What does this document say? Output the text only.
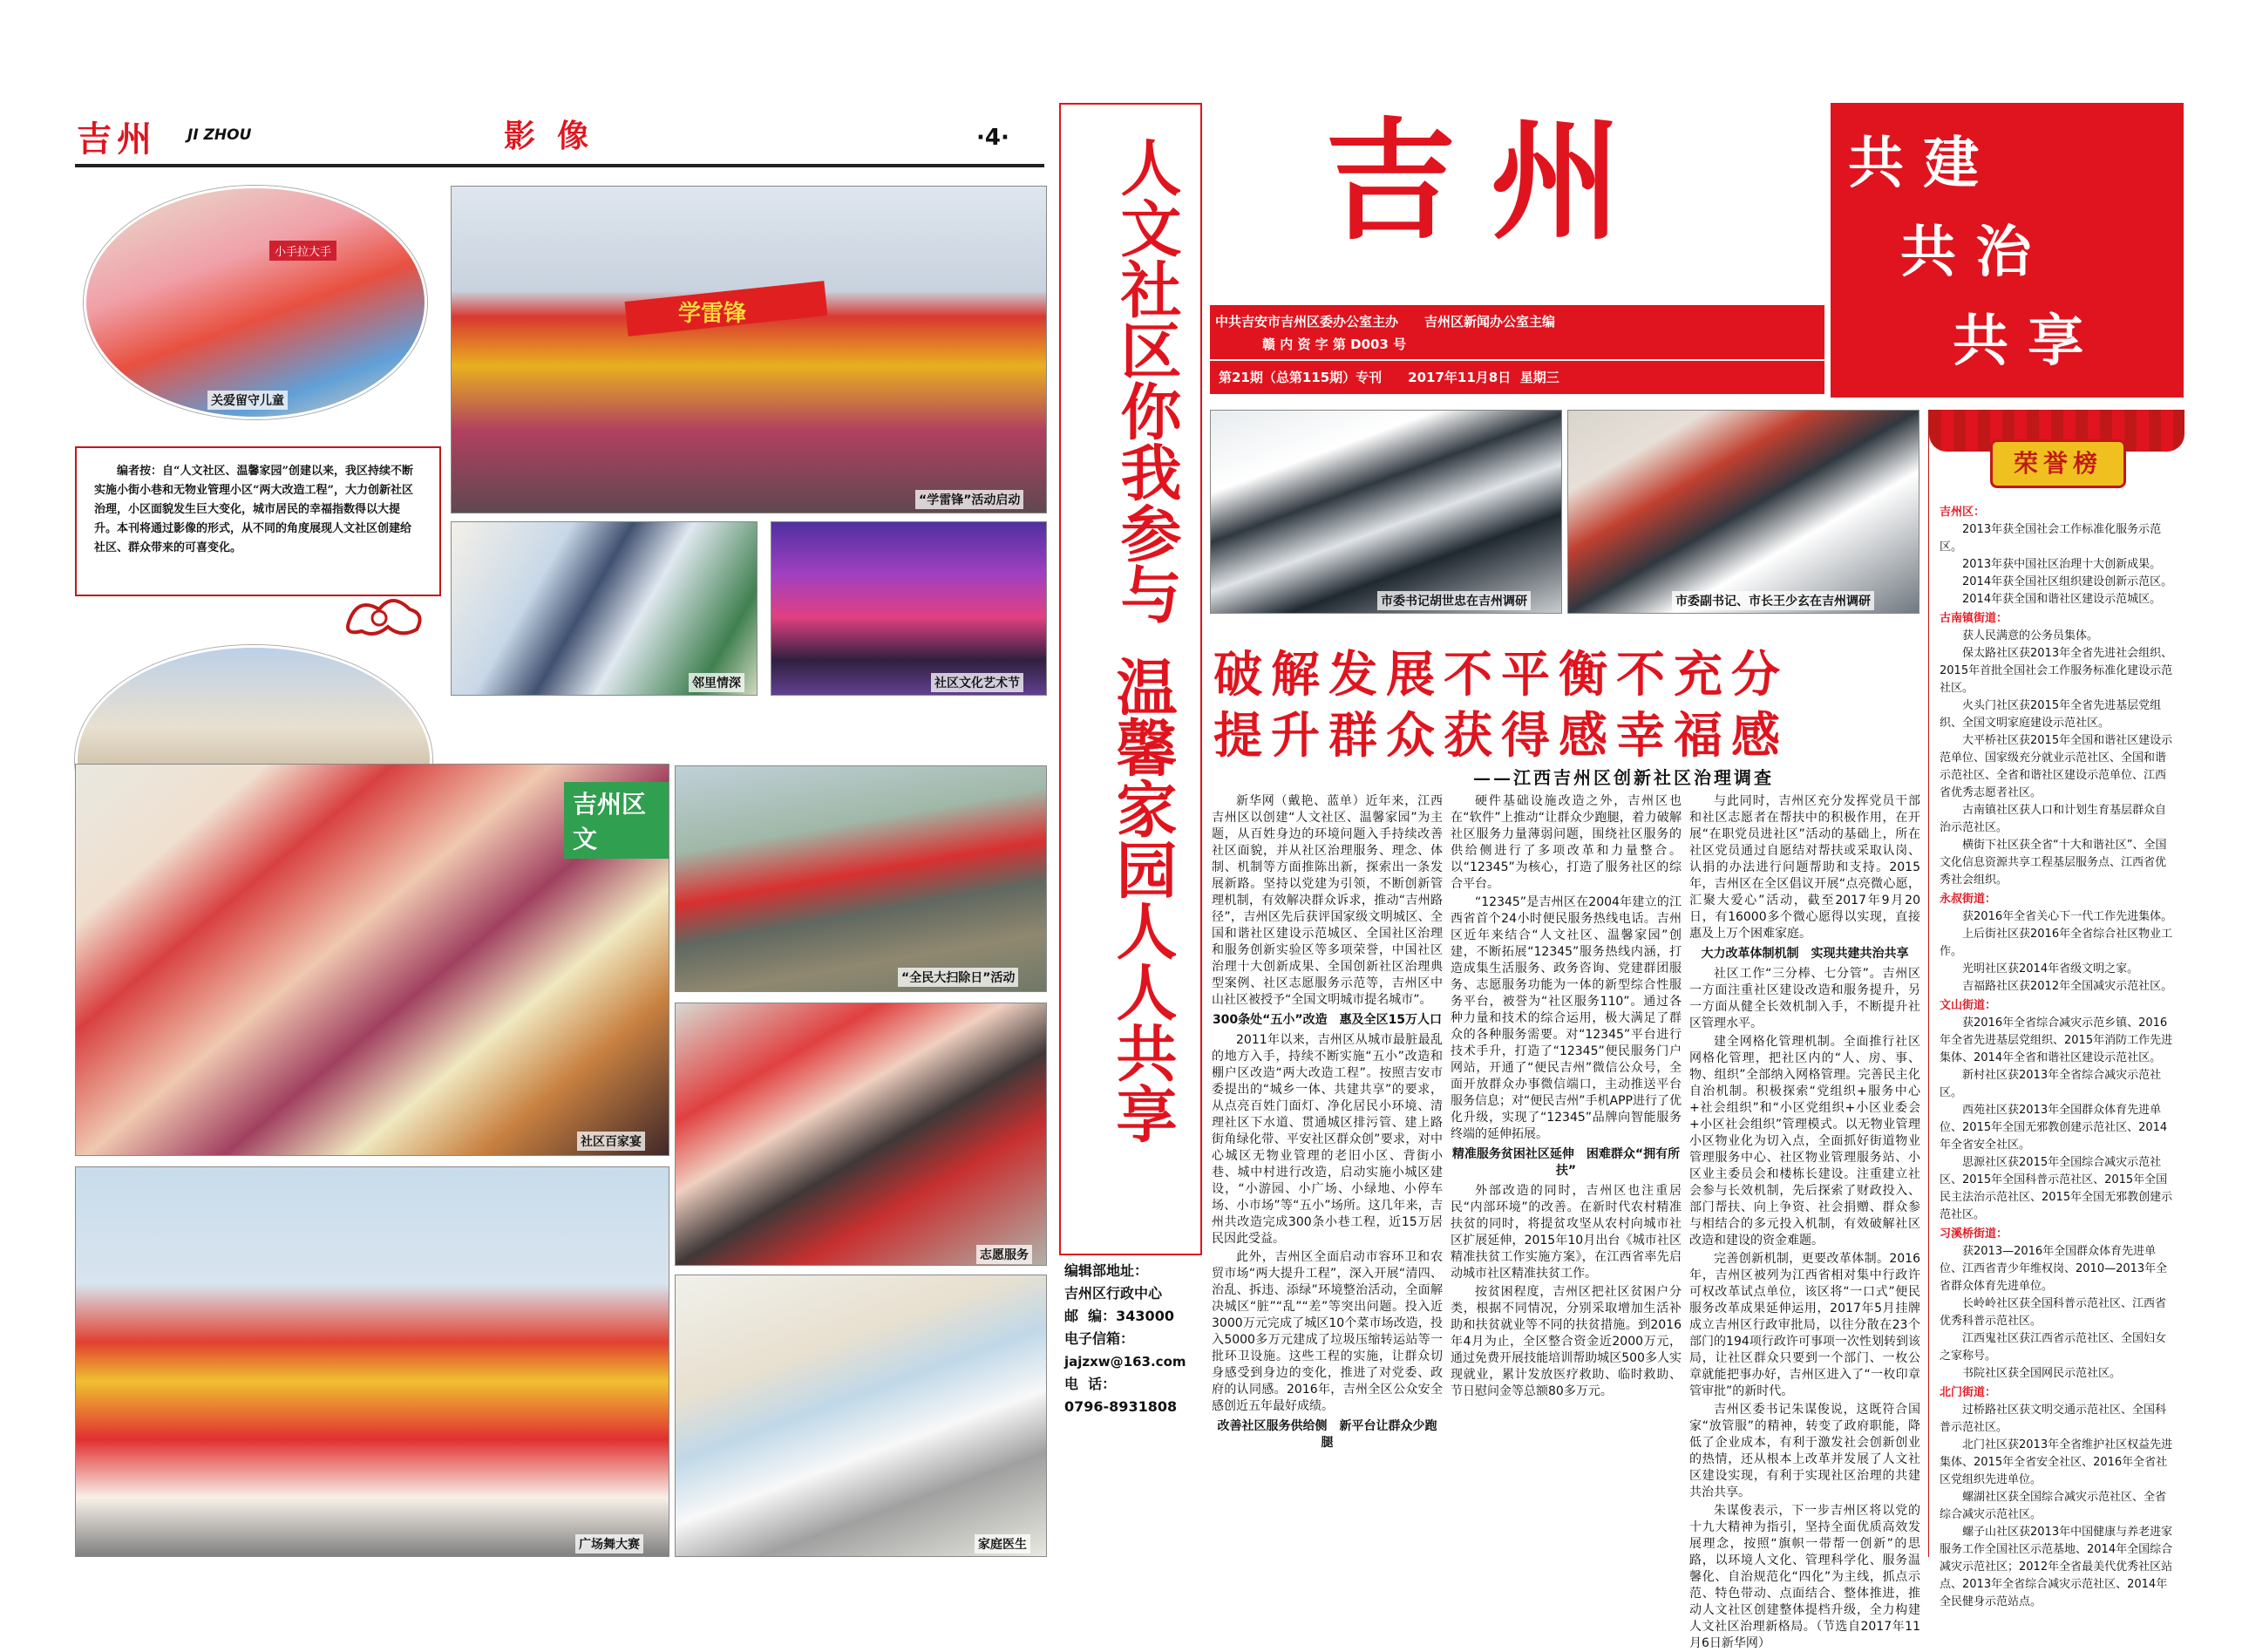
吉州 JI ZHOU	影  像	·4·
小手拉大手
关爱留守儿童
学雷锋
“学雷锋”活动启动
编者按：自“人文社区、温馨家园”创建以来，我区持续不断实施小街小巷和无物业管理小区“两大改造工程”，大力创新社区治理，小区面貌发生巨大变化，城市居民的幸福指数得以大提升。本刊将通过影像的形式，从不同的角度展现人文社区创建给社区、群众带来的可喜变化。
邻里情深	社区文化艺术节
吉州区文
社区百家宴
“全民大扫除日”活动
志愿服务
广场舞大赛	家庭医生
人文社区你我参与
温馨家园人人共享
编辑部地址：
吉州区行政中心
邮  编：343000
电子信箱：
jajzxw@163.com
电  话：
0796-8931808
吉州
中共吉安市吉州区委办公室主办　　吉州区新闻办公室主编
赣 内 资 字 第 D003 号
第21期（总第115期）专刊　　2017年11月8日  星期三
共 建
共 治
共 享
市委书记胡世忠在吉州调研	市委副书记、市长王少玄在吉州调研
破解发展不平衡不充分
提升群众获得感幸福感
——江西吉州区创新社区治理调查

新华网（戴艳、蓝单）近年来，江西吉州区以创建“人文社区、温馨家园”为主题，从百姓身边的环境问题入手持续改善社区面貌，并从社区治理服务、理念、体制、机制等方面推陈出新，探索出一条发展新路。坚持以党建为引领，不断创新管理机制，有效解决群众诉求，推动“吉州路径”，吉州区先后获评国家级文明城区、全国和谐社区建设示范城区、全国社区治理和服务创新实验区等多项荣誉，中国社区治理十大创新成果、全国创新社区治理典型案例、社区志愿服务示范等，吉州区中山社区被授予“全国文明城市提名城市”。

300条处“五小”改造　惠及全区15万人口

2011年以来，吉州区从城市最脏最乱的地方入手，持续不断实施“五小”改造和棚户区改造“两大改造工程”。按照吉安市委提出的“城乡一体、共建共享”的要求，从点亮百姓门面灯、净化居民小环境、清理社区下水道、贯通城区排污管、建上路街角绿化带、平安社区群众创”要求，对中心城区无物业管理的老旧小区、背街小巷、城中村进行改造，启动实施小城区建设，“小游园、小广场、小绿地、小停车场、小市场”等“五小”场所。这几年来，吉州共改造完成300条小巷工程，近15万居民因此受益。

此外，吉州区全面启动市容环卫和农贸市场“两大提升工程”，深入开展“清四、治乱、拆违、添绿”环境整治活动，全面解决城区“脏”“乱”“差”等突出问题。投入近3000万元完成了城区10个菜市场改造，投入5000多万元建成了垃圾压缩转运站等一批环卫设施。这些工程的实施，让群众切身感受到身边的变化，推进了对党委、政府的认同感。2016年，吉州全区公众安全感创近五年最好成绩。

改善社区服务供给侧　新平台让群众少跑腿

硬件基础设施改造之外，吉州区也在“软件”上推动“让群众少跑腿，着力破解社区服务力量薄弱问题，围绕社区服务的供给侧进行了多项改革和力量整合。以“12345”为核心，打造了服务社区的综合平台。

“12345”是吉州区在2004年建立的江西省首个24小时便民服务热线电话。吉州区近年来结合“人文社区、温馨家园”创建，不断拓展“12345”服务热线内涵，打造成集生活服务、政务咨询、党建群团服务、志愿服务功能为一体的新型综合性服务平台，被誉为“社区服务110”。通过各种力量和技术的综合运用，极大满足了群众的各种服务需要。对“12345”平台进行技术手升，打造了“12345”便民服务门户网站，开通了“便民吉州”微信公众号，全面开放群众办事微信端口，主动推送平台服务信息；对“便民吉州”手机APP进行了优化升级，实现了“12345”品牌向智能服务终端的延伸拓展。

精准服务贫困社区延伸　困难群众“拥有所扶”

外部改造的同时，吉州区也注重居民“内部环境”的改善。在新时代农村精准扶贫的同时，将提贫攻坚从农村向城市社区扩展延伸，2015年10月出台《城市社区精准扶贫工作实施方案》，在江西省率先启动城市社区精准扶贫工作。

按贫困程度，吉州区把社区贫困户分类，根据不同情况，分别采取增加生活补助和扶贫就业等不同的扶贫措施。到2016年4月为止，全区整合资金近2000万元，通过免费开展技能培训帮助城区500多人实现就业，累计发放医疗救助、临时救助、节日慰问金等总额80多万元。

与此同时，吉州区充分发挥党员干部和社区志愿者在帮扶中的积极作用，在开展“在职党员进社区”活动的基础上，所在社区党员通过自愿结对帮扶或采取认岗、认捐的办法进行问题帮助和支持。2015年，吉州区在全区倡议开展“点亮微心愿，汇聚大爱心”活动，截至2017年9月20日，有16000多个微心愿得以实现，直接惠及上万个困难家庭。

大力改革体制机制　实现共建共治共享

社区工作“三分棒、七分管”。吉州区一方面注重社区建设改造和服务提升，另一方面从健全长效机制入手，不断提升社区管理水平。

建全网格化管理机制。全面推行社区网格化管理，把社区内的“人、房、事、物、组织”全部纳入网格管理。完善民主化自治机制。积极探索“党组织+服务中心+社会组织”和“小区党组织+小区业委会+小区社会组织”管理模式。以无物业管理小区物业化为切入点，全面抓好街道物业管理服务中心、社区物业管理服务站、小区业主委员会和楼栋长建设。注重建立社会参与长效机制，先后探索了财政投入、部门帮扶、向上争资、社会捐赠、群众参与相结合的多元投入机制，有效破解社区改造和建设的资金难题。

完善创新机制，更要改革体制。2016年，吉州区被列为江西省相对集中行政许可权改革试点单位，该区将“一口式”便民服务改革成果延伸运用，2017年5月挂牌成立吉州区行政审批局，以往分散在23个部门的194项行政许可事项一次性划转到该局，让社区群众只要到一个部门、一枚公章就能把事办好，吉州区进入了“一枚印章管审批”的新时代。

吉州区委书记朱谋俊说，这既符合国家“放管服”的精神，转变了政府职能，降低了企业成本，有利于激发社会创新创业的热情，还从根本上改革并发展了人文社区建设实现，有利于实现社区治理的共建共治共享。

朱谋俊表示，下一步吉州区将以党的十九大精神为指引，坚持全面优质高效发展理念，按照“旗帜一带帮一创新”的思路，以环境人文化、管理科学化、服务温馨化、自治规范化“四化”为主线，抓点示范、特色带动、点面结合、整体推进，推动人文社区创建整体提档升级，全力构建人文社区治理新格局。（节选自2017年11月6日新华网）

荣誉榜
吉州区：
2013年获全国社会工作标准化服务示范区。
2013年获中国社区治理十大创新成果。
2014年获全国社区组织建设创新示范区。
2014年获全国和谐社区建设示范城区。
古南镇街道：
获人民满意的公务员集体。
保太路社区获2013年全省先进社会组织、2015年首批全国社会工作服务标准化建设示范社区。
火头门社区获2015年全省先进基层党组织、全国文明家庭建设示范社区。
大平桥社区获2015年全国和谐社区建设示范单位、国家级充分就业示范社区、全国和谐示范社区、全省和谐社区建设示范单位、江西省优秀志愿者社区。
古南镇社区获人口和计划生育基层群众自治示范社区。
横街下社区获全省“十大和谐社区”、全国文化信息资源共享工程基层服务点、江西省优秀社会组织。
永叔街道：
获2016年全省关心下一代工作先进集体。
上后街社区获2016年全省综合社区物业工作。
光明社区获2014年省级文明之家。
吉福路社区获2012年全国减灾示范社区。
文山街道：
获2016年全省综合减灾示范乡镇、2016年全省先进基层党组织、2015年消防工作先进集体、2014年全省和谐社区建设示范社区。
新村社区获2013年全省综合减灾示范社区。
西苑社区获2013年全国群众体育先进单位、2015年全国无邪教创建示范社区、2014年全省安全社区。
思源社区获2015年全国综合减灾示范社区、2015年全国科普示范社区、2015年全国民主法治示范社区、2015年全国无邪教创建示范社区。
习溪桥街道：
获2013—2016年全国群众体育先进单位、江西省青少年维权岗、2010—2013年全省群众体育先进单位。
长岭岭社区获全国科普示范社区、江西省优秀科普示范社区。
江西鬼社区获江西省示范社区、全国妇女之家称号。
书院社区获全国网民示范社区。
北门街道：
过桥路社区获文明交通示范社区、全国科普示范社区。
北门社区获2013年全省维护社区权益先进集体、2015年全省安全社区、2016年全省社区党组织先进单位。
螺湖社区获全国综合减灾示范社区、全省综合减灾示范社区。
螺子山社区获2013年中国健康与养老进家服务工作全国社区示范基地、2014年全国综合减灾示范社区；2012年全省最美代优秀社区站点、2013年全省综合减灾示范社区、2014年全民健身示范站点。
